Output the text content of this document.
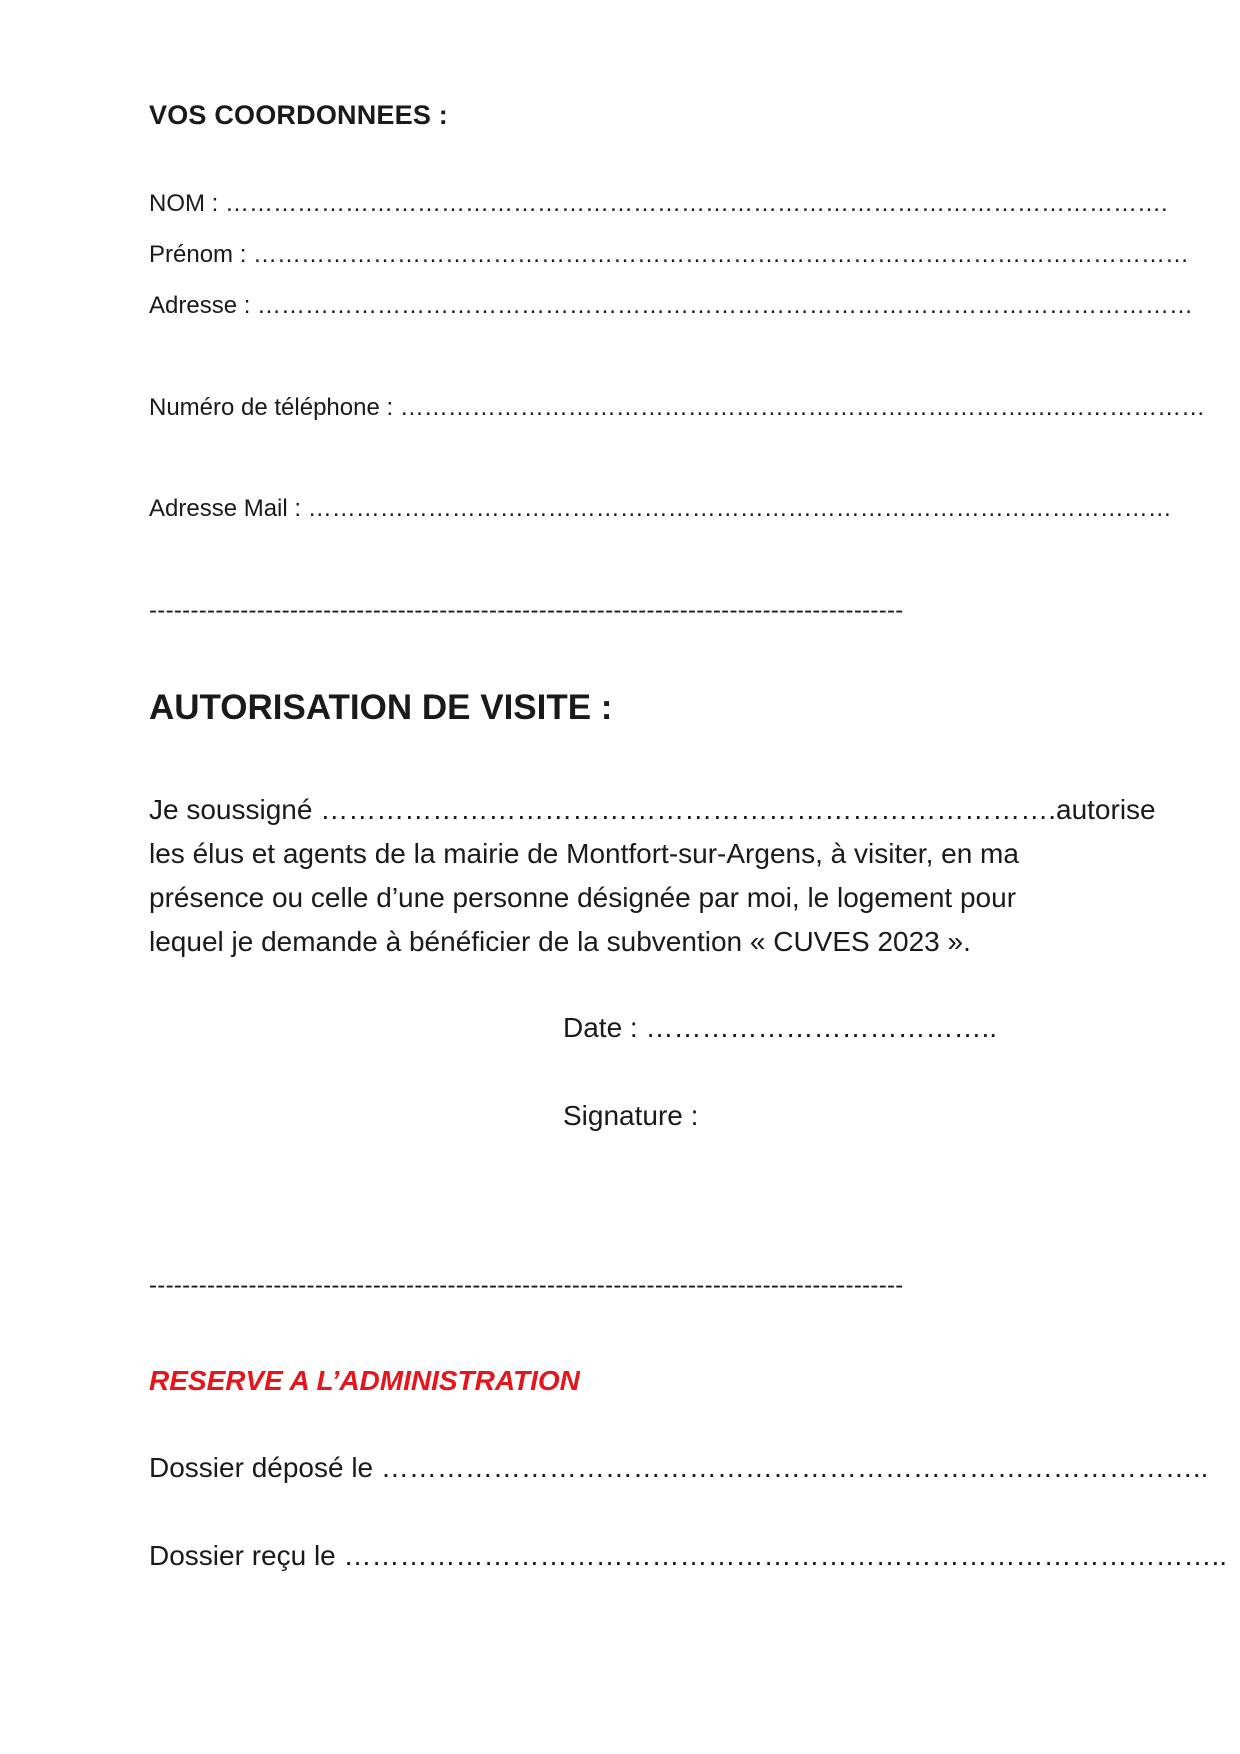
VOS COORDONNEES :
NOM : ……………………………………………………………………………………………………….
Prénom : ………………………………………………………………………………………………………
Adresse : ………………………………………………………………………………………………………
Numéro de téléphone : ……………………………………………………………………..…………………
Adresse Mail : ………………………………………………………………………………………………
-------------------------------------------------------------------------------------------
AUTORISATION DE VISITE :
Je soussigné ……………………………………………………………………. autorise
les élus et agents de la mairie de Montfort-sur-Argens, à visiter, en ma
présence ou celle d’une personne désignée par moi, le logement pour
lequel je demande à bénéficier de la subvention « CUVES 2023 ».
Date : ………………………………..
Signature :
-------------------------------------------------------------------------------------------
RESERVE A L’ADMINISTRATION
Dossier déposé le ……………………………………………………………………………..
Dossier reçu le …………………………………………………………………………………..
